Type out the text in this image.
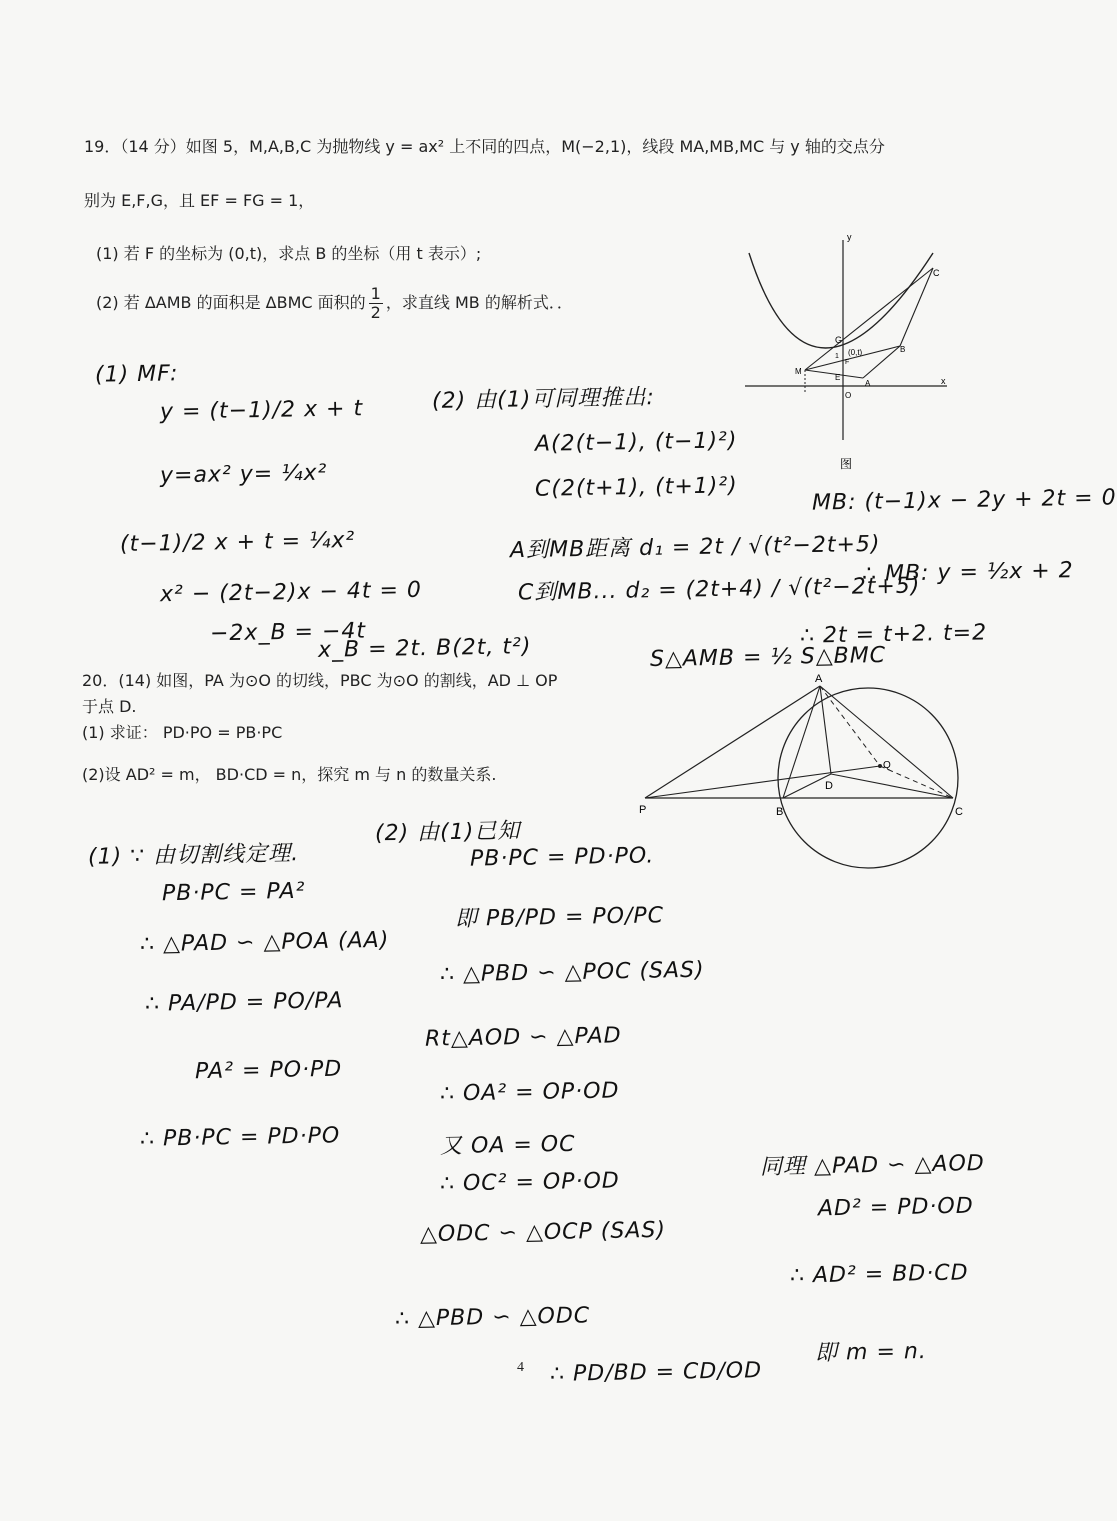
19．（14 分）如图 5，M,A,B,C 为抛物线 y = ax² 上不同的四点，M(−2,1)，线段 MA,MB,MC 与 y 轴的交点分
别为 E,F,G，且 EF = FG = 1，
(1) 若 F 的坐标为 (0,t)，求点 B 的坐标（用 t 表示）;
(2) 若 ΔAMB 的面积是 ΔBMC 面积的 $\frac{1}{2}$ ，求直线 MB 的解析式．．
y
x
C
G
B
M
F
E
A
O
(0,t)
1
图
(1) MF:
y = (t−1)/2 x + t
y=ax² y= ¼x²
(t−1)/2 x + t = ¼x²
x² − (2t−2)x − 4t = 0
−2x_B = −4t
x_B = 2t. B(2t, t²)
(2) 由(1)可同理推出:
A(2(t−1), (t−1)²)
C(2(t+1), (t+1)²)
A到MB距离 d₁ = 2t / √(t²−2t+5)
C到MB... d₂ = (2t+4) / √(t²−2t+5)
S△AMB = ½ S△BMC
∴ 2t = t+2. t=2
MB: (t−1)x − 2y + 2t = 0
∴ MB: y = ½x + 2
20．(14) 如图，PA 为⊙O 的切线，PBC 为⊙O 的割线，AD ⊥ OP
于点 D.
(1) 求证： PD·PO = PB·PC
(2)设 AD² = m， BD·CD = n，探究 m 与 n 的数量关系.
A
P	B
D
C
Q
(1) ∵ 由切割线定理.
PB·PC = PA²
∴ △PAD ∽ △POA (AA)
∴ PA/PD = PO/PA
PA² = PO·PD
∴ PB·PC = PD·PO
(2) 由(1)已知
PB·PC = PD·PO.
即 PB/PD = PO/PC
∴ △PBD ∽ △POC (SAS)
Rt△AOD ∽ △PAD
∴ OA² = OP·OD
又 OA = OC
∴ OC² = OP·OD
△ODC ∽ △OCP (SAS)
∴ △PBD ∽ △ODC
∴ PD/BD = CD/OD
同理 △PAD ∽ △AOD
AD² = PD·OD
∴ AD² = BD·CD
即 m = n.
4
